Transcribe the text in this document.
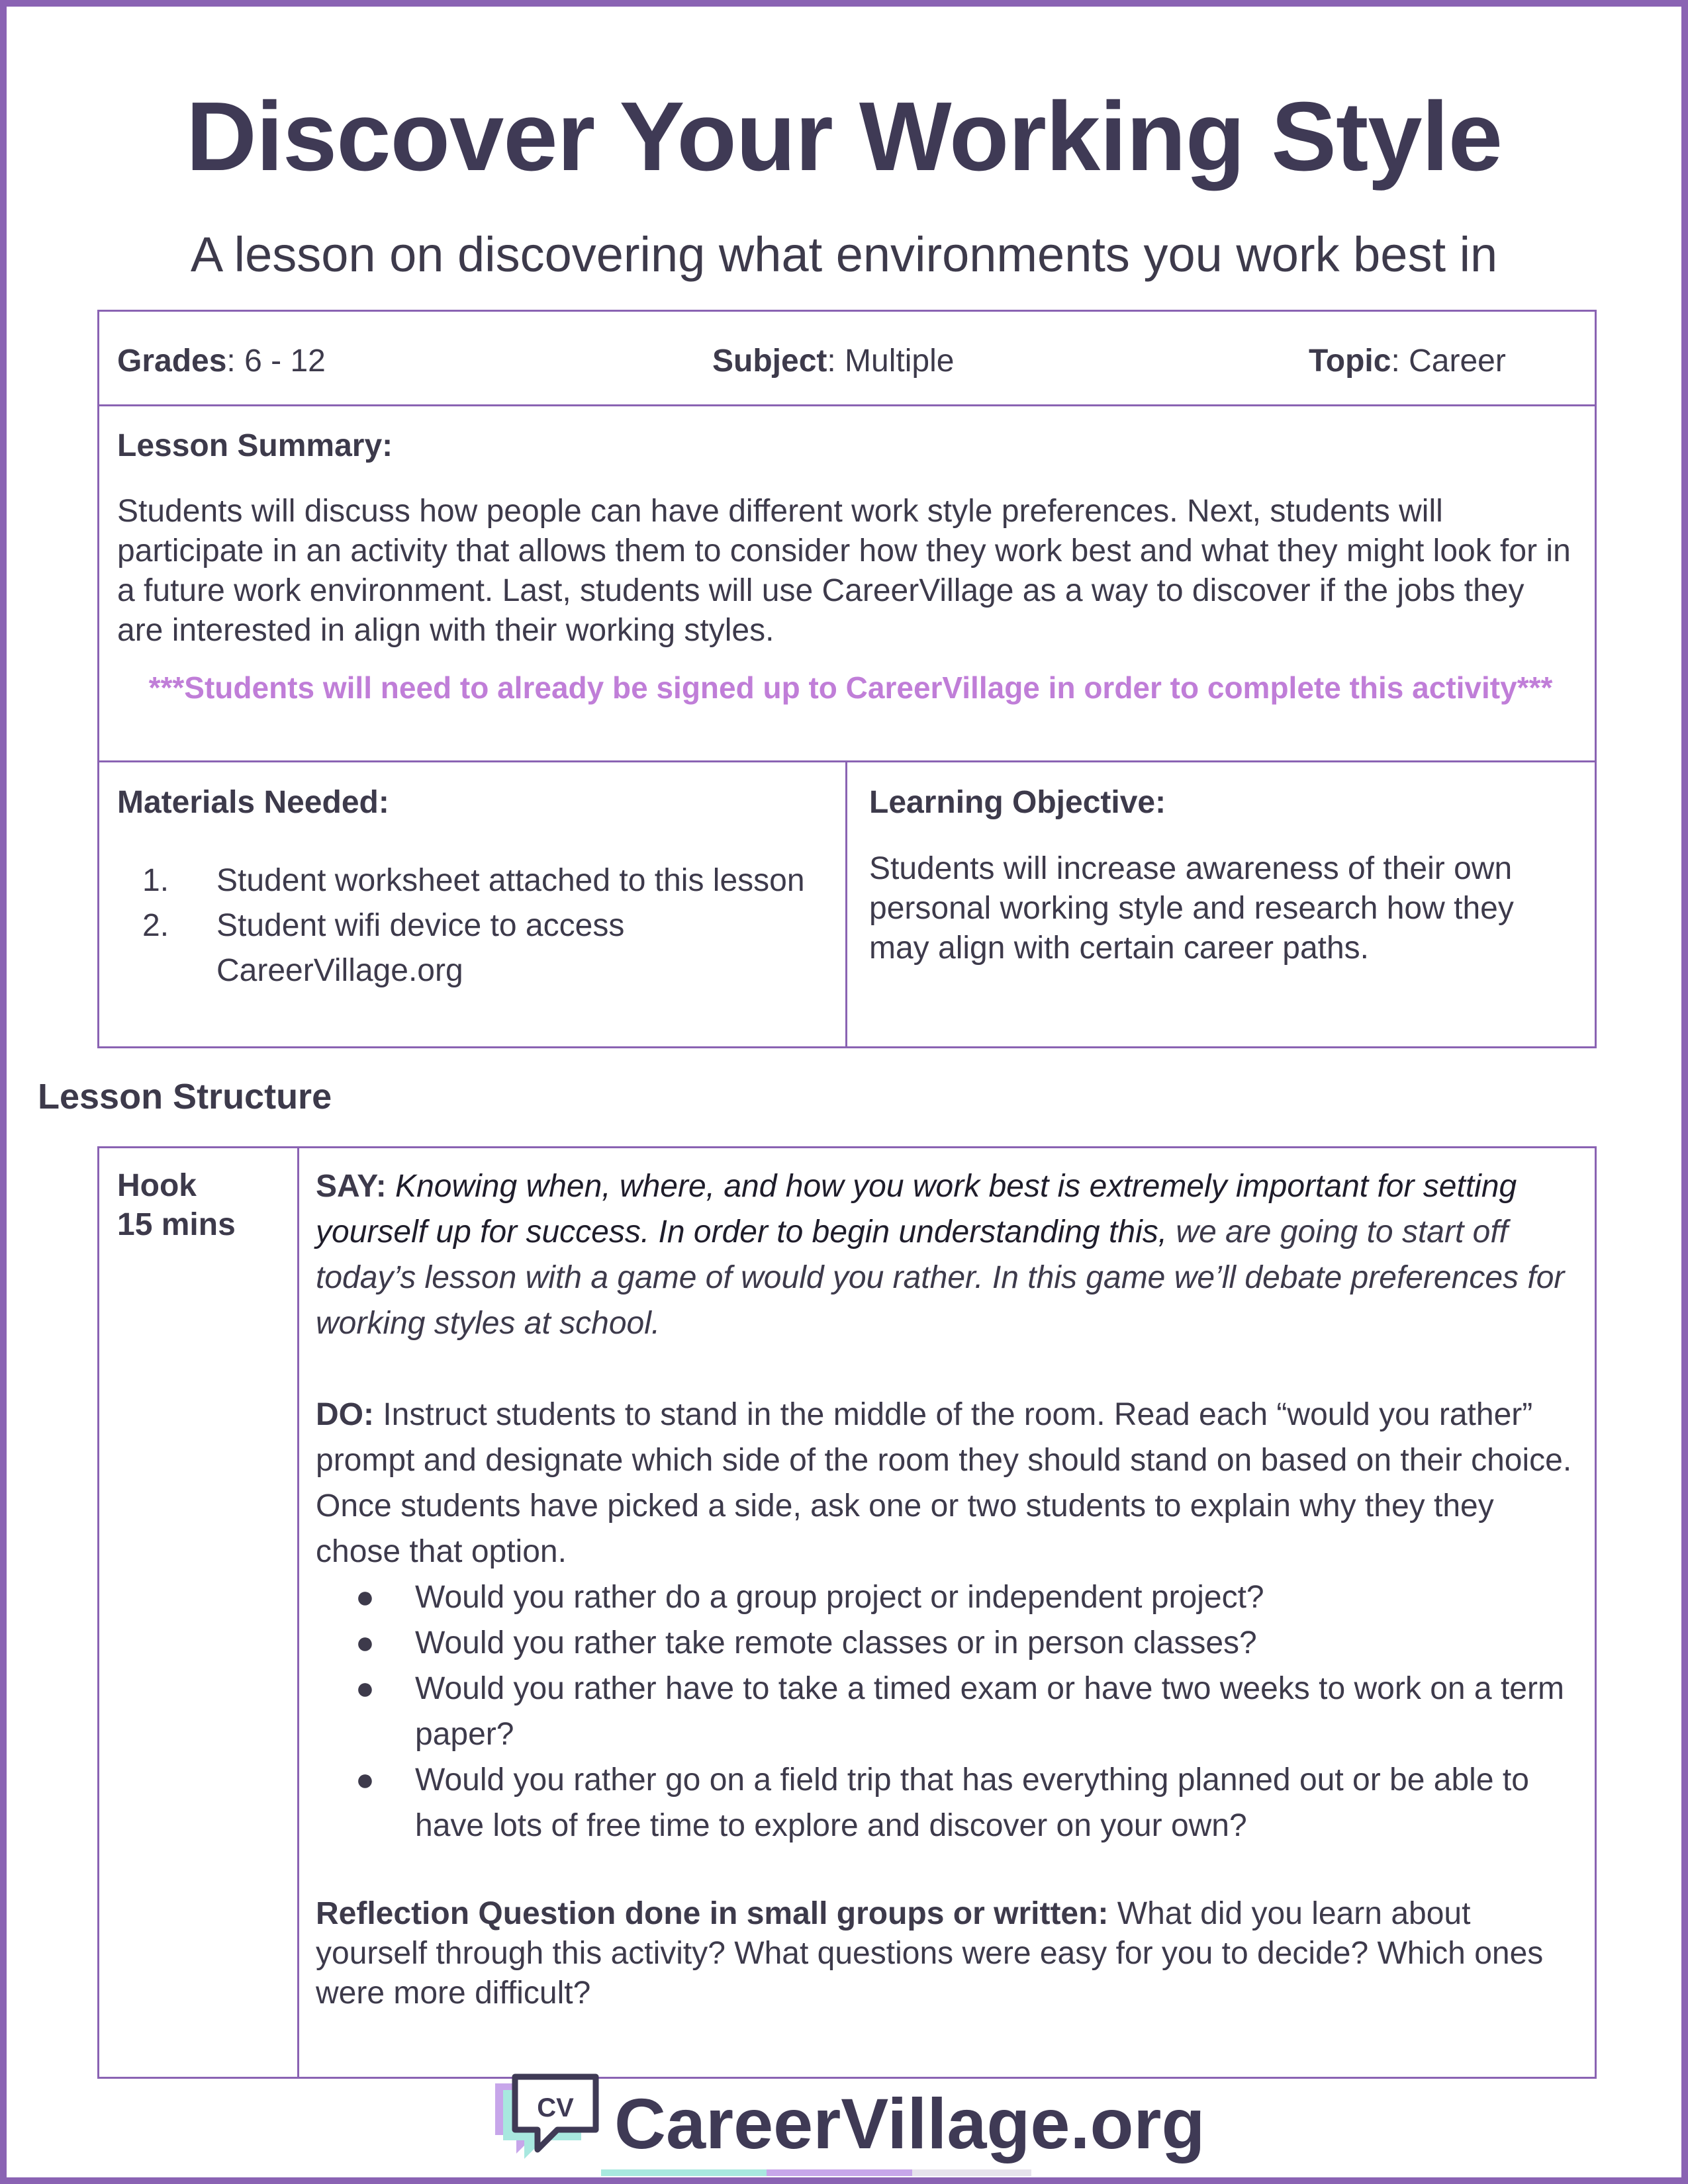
Discover Your Working Style
A lesson on discovering what environments you work best in
Grades: 6 - 12	Subject: Multiple	Topic: Career
Lesson Summary:
Students will discuss how people can have different work style preferences. Next, students will participate in an activity that allows them to consider how they work best and what they might look for in a future work environment. Last, students will use CareerVillage as a way to discover if the jobs they are interested in align with their working styles.
***Students will need to already be signed up to CareerVillage in order to complete this activity***
Materials Needed:
1. Student worksheet attached to this lesson
2. Student wifi device to access CareerVillage.org
Learning Objective:
Students will increase awareness of their own personal working style and research how they may align with certain career paths.
Lesson Structure
Hook
15 mins

SAY: Knowing when, where, and how you work best is extremely important for setting yourself up for success. In order to begin understanding this, we are going to start off today’s lesson with a game of would you rather. In this game we’ll debate preferences for working styles at school.

DO: Instruct students to stand in the middle of the room. Read each “would you rather” prompt and designate which side of the room they should stand on based on their choice. Once students have picked a side, ask one or two students to explain why they they chose that option.

● Would you rather do a group project or independent project?
● Would you rather take remote classes or in person classes?
● Would you rather have to take a timed exam or have two weeks to work on a term paper?
● Would you rather go on a field trip that has everything planned out or be able to have lots of free time to explore and discover on your own?

Reflection Question done in small groups or written: What did you learn about yourself through this activity? What questions were easy for you to decide? Which ones were more difficult?

CV CareerVillage.org
